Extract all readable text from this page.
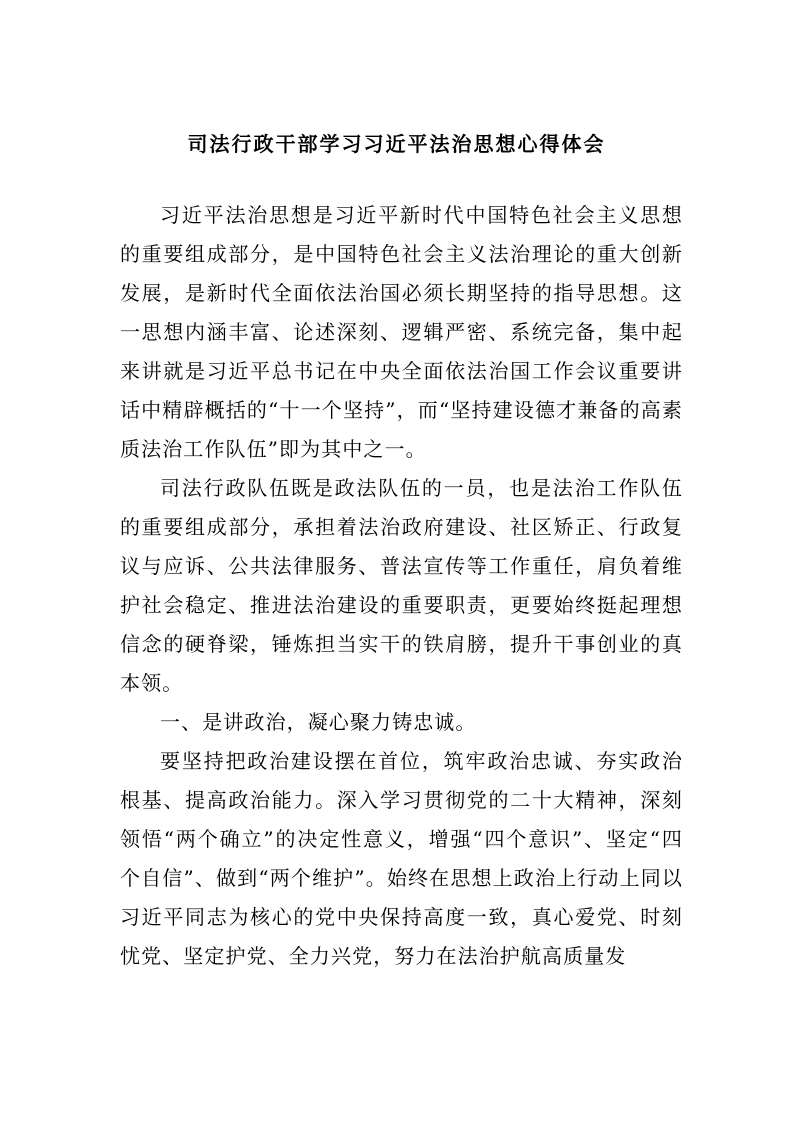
司法行政干部学习习近平法治思想心得体会

习近平法治思想是习近平新时代中国特色社会主义思想的重要组成部分，是中国特色社会主义法治理论的重大创新发展，是新时代全面依法治国必须长期坚持的指导思想。这一思想内涵丰富、论述深刻、逻辑严密、系统完备，集中起来讲就是习近平总书记在中央全面依法治国工作会议重要讲话中精辟概括的“十一个坚持”，而“坚持建设德才兼备的高素质法治工作队伍”即为其中之一。

司法行政队伍既是政法队伍的一员，也是法治工作队伍的重要组成部分，承担着法治政府建设、社区矫正、行政复议与应诉、公共法律服务、普法宣传等工作重任，肩负着维护社会稳定、推进法治建设的重要职责，更要始终挺起理想信念的硬脊梁，锤炼担当实干的铁肩膀，提升干事创业的真本领。

一、是讲政治，凝心聚力铸忠诚。

要坚持把政治建设摆在首位，筑牢政治忠诚、夯实政治根基、提高政治能力。深入学习贯彻党的二十大精神，深刻领悟“两个确立”的决定性意义，增强“四个意识”、坚定“四个自信”、做到“两个维护”。始终在思想上政治上行动上同以习近平同志为核心的党中央保持高度一致，真心爱党、时刻忧党、坚定护党、全力兴党，努力在法治护航高质量发
